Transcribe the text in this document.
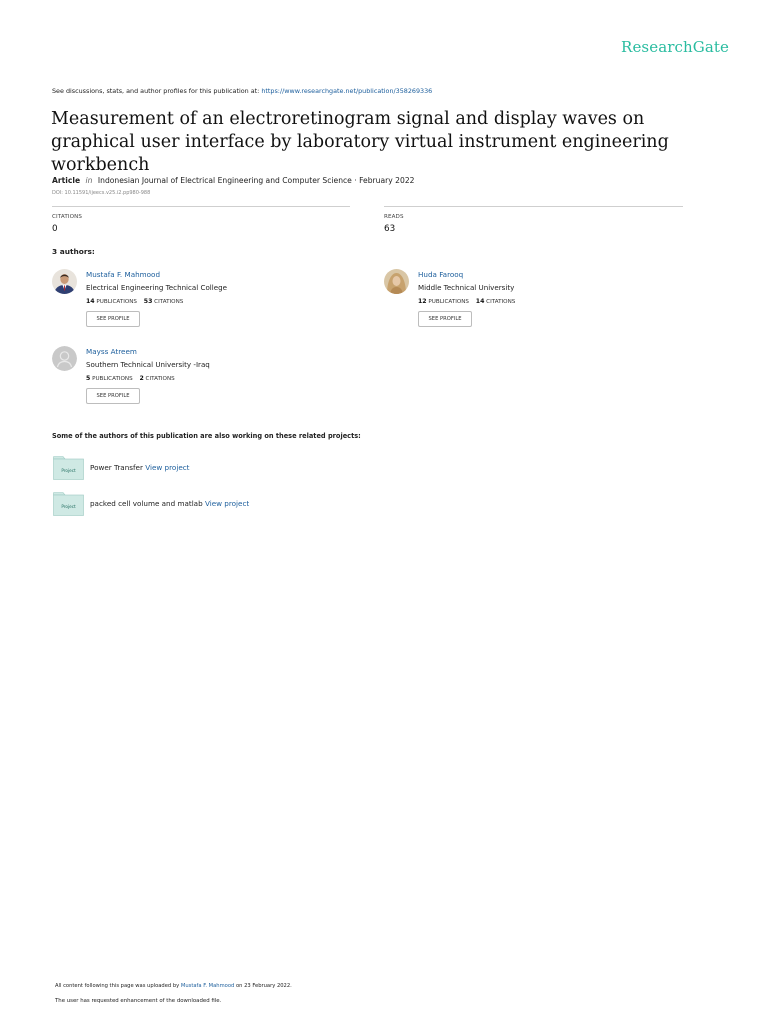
ResearchGate
See discussions, stats, and author profiles for this publication at: https://www.researchgate.net/publication/358269336
Measurement of an electroretinogram signal and display waves on graphical user interface by laboratory virtual instrument engineering workbench
Article in Indonesian Journal of Electrical Engineering and Computer Science · February 2022
DOI: 10.11591/ijeecs.v25.i2.pp980-988
CITATIONS
0
READS
63
3 authors:
Mustafa F. Mahmood
Electrical Engineering Technical College
14 PUBLICATIONS 53 CITATIONS
SEE PROFILE
Huda Farooq
Middle Technical University
12 PUBLICATIONS 14 CITATIONS
SEE PROFILE
Mayss Atreem
Southern Technical University -Iraq
5 PUBLICATIONS 2 CITATIONS
SEE PROFILE
Some of the authors of this publication are also working on these related projects:
Project Power Transfer View project
Project packed cell volume and matlab View project
All content following this page was uploaded by Mustafa F. Mahmood on 23 February 2022.
The user has requested enhancement of the downloaded file.
